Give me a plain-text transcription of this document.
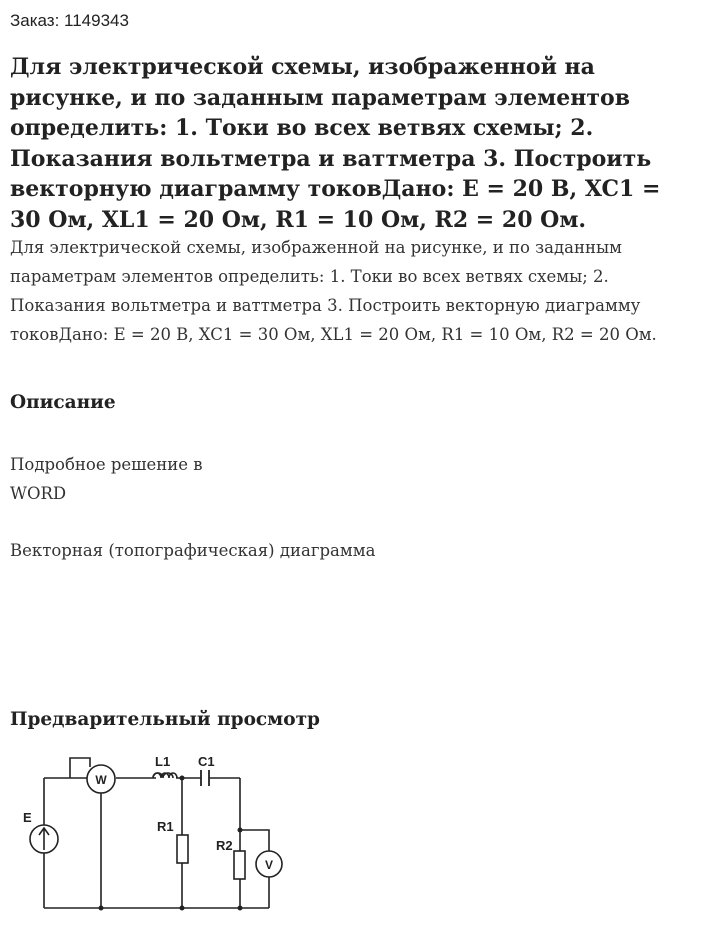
Заказ: 1149343
Для электрической схемы, изображенной на рисунке, и по заданным параметрам элементов определить: 1. Токи во всех ветвях схемы; 2. Показания вольтметра и ваттметра 3. Построить векторную диаграмму токовДано: E = 20 B, XC1 = 30 Ом, XL1 = 20 Ом, R1 = 10 Ом, R2 = 20 Ом.

Для электрической схемы, изображенной на рисунке, и по заданным параметрам элементов определить: 1. Токи во всех ветвях схемы; 2. Показания вольтметра и ваттметра 3. Построить векторную диаграмму токовДано: E = 20 B, XC1 = 30 Ом, XL1 = 20 Ом, R1 = 10 Ом, R2 = 20 Ом.

Описание

Подробное решение в

WORD

Векторная (топографическая) диаграмма

Предварительный просмотр
E
W
L1 C1
R1
R2
V
